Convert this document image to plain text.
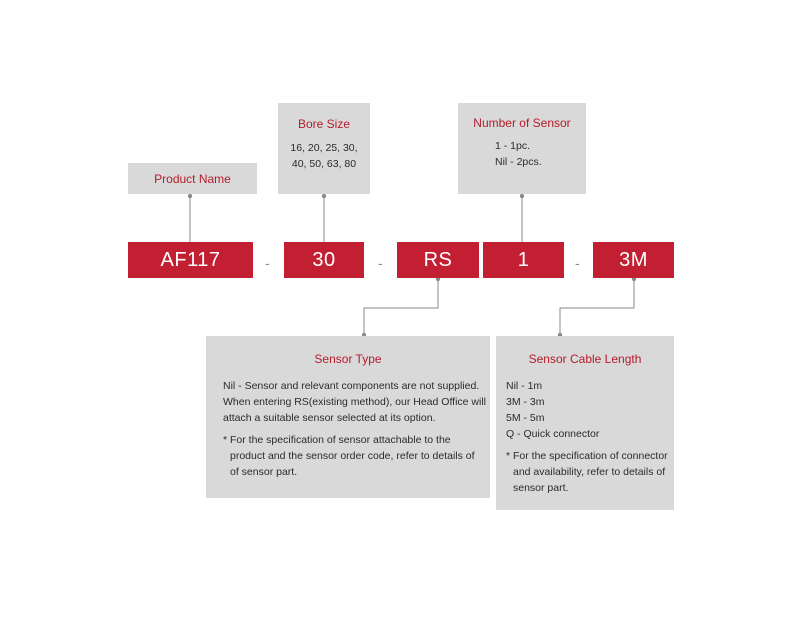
Product Name
Bore Size
16, 20, 25, 30,
40, 50, 63, 80
Number of Sensor
1 - 1pc.
Nil - 2pcs.
AF117	-	30	-	RS	1	-	3M
Sensor Type
Nil - Sensor and relevant components are not supplied.
When entering RS(existing method), our Head Office will
attach a suitable sensor selected at its option.
* For the specification of sensor attachable to the
product and the sensor order code, refer to details of
of sensor part.
Sensor Cable Length
Nil - 1m
3M - 3m
5M - 5m
Q - Quick connector
* For the specification of connector
and availability, refer to details of
sensor part.
